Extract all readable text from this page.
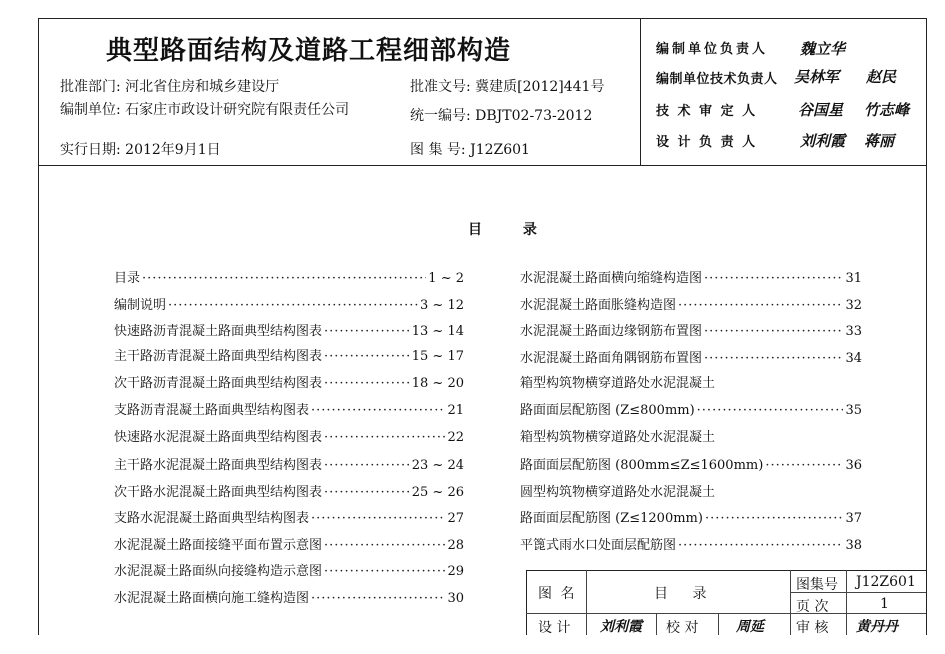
典型路面结构及道路工程细部构造
批准部门: 河北省住房和城乡建设厅
编制单位: 石家庄市政设计研究院有限责任公司
实行日期: 2012年9月1日
批准文号: 冀建质[2012]441号
统一编号: DBJT02-73-2012
图 集 号: J12Z601
编制单位负责人 魏立华
编制单位技术负责人 吴林军 赵民
技 术 审 定 人	谷国星 竹志峰
设 计 负 责 人	刘利霞 蒋丽
目 录
目录 ·····	1 ~ 2
编制说明 ·····	3 ~ 12
快速路沥青混凝土路面典型结构图表 ·····	13 ~ 14
主干路沥青混凝土路面典型结构图表 ·····	15 ~ 17
次干路沥青混凝土路面典型结构图表 ·····	18 ~ 20
支路沥青混凝土路面典型结构图表 ·····	21
快速路水泥混凝土路面典型结构图表 ·····	22
主干路水泥混凝土路面典型结构图表 ·····	23 ~ 24
次干路水泥混凝土路面典型结构图表 ·····	25 ~ 26
支路水泥混凝土路面典型结构图表 ·····	27
水泥混凝土路面接缝平面布置示意图 ·····	28
水泥混凝土路面纵向接缝构造示意图 ·····	29
水泥混凝土路面横向施工缝构造图 ·····	30
水泥混凝土路面横向缩缝构造图 ·····	31
水泥混凝土路面胀缝构造图 ·····	32
水泥混凝土路面边缘钢筋布置图 ·····	33
水泥混凝土路面角隅钢筋布置图 ·····	34
箱型构筑物横穿道路处水泥混凝土
路面面层配筋图 (Z≤800mm) ·····	35
箱型构筑物横穿道路处水泥混凝土
路面面层配筋图 (800mm≤Z≤1600mm) ·····	36
圆型构筑物横穿道路处水泥混凝土
路面面层配筋图 (Z≤1200mm) ·····	37
平篦式雨水口处面层配筋图 ·····	38
图 名	目 录
图集号 J12Z601
页 次	1
设 计 刘利霞 校 对	周延 审 核 黄丹丹
